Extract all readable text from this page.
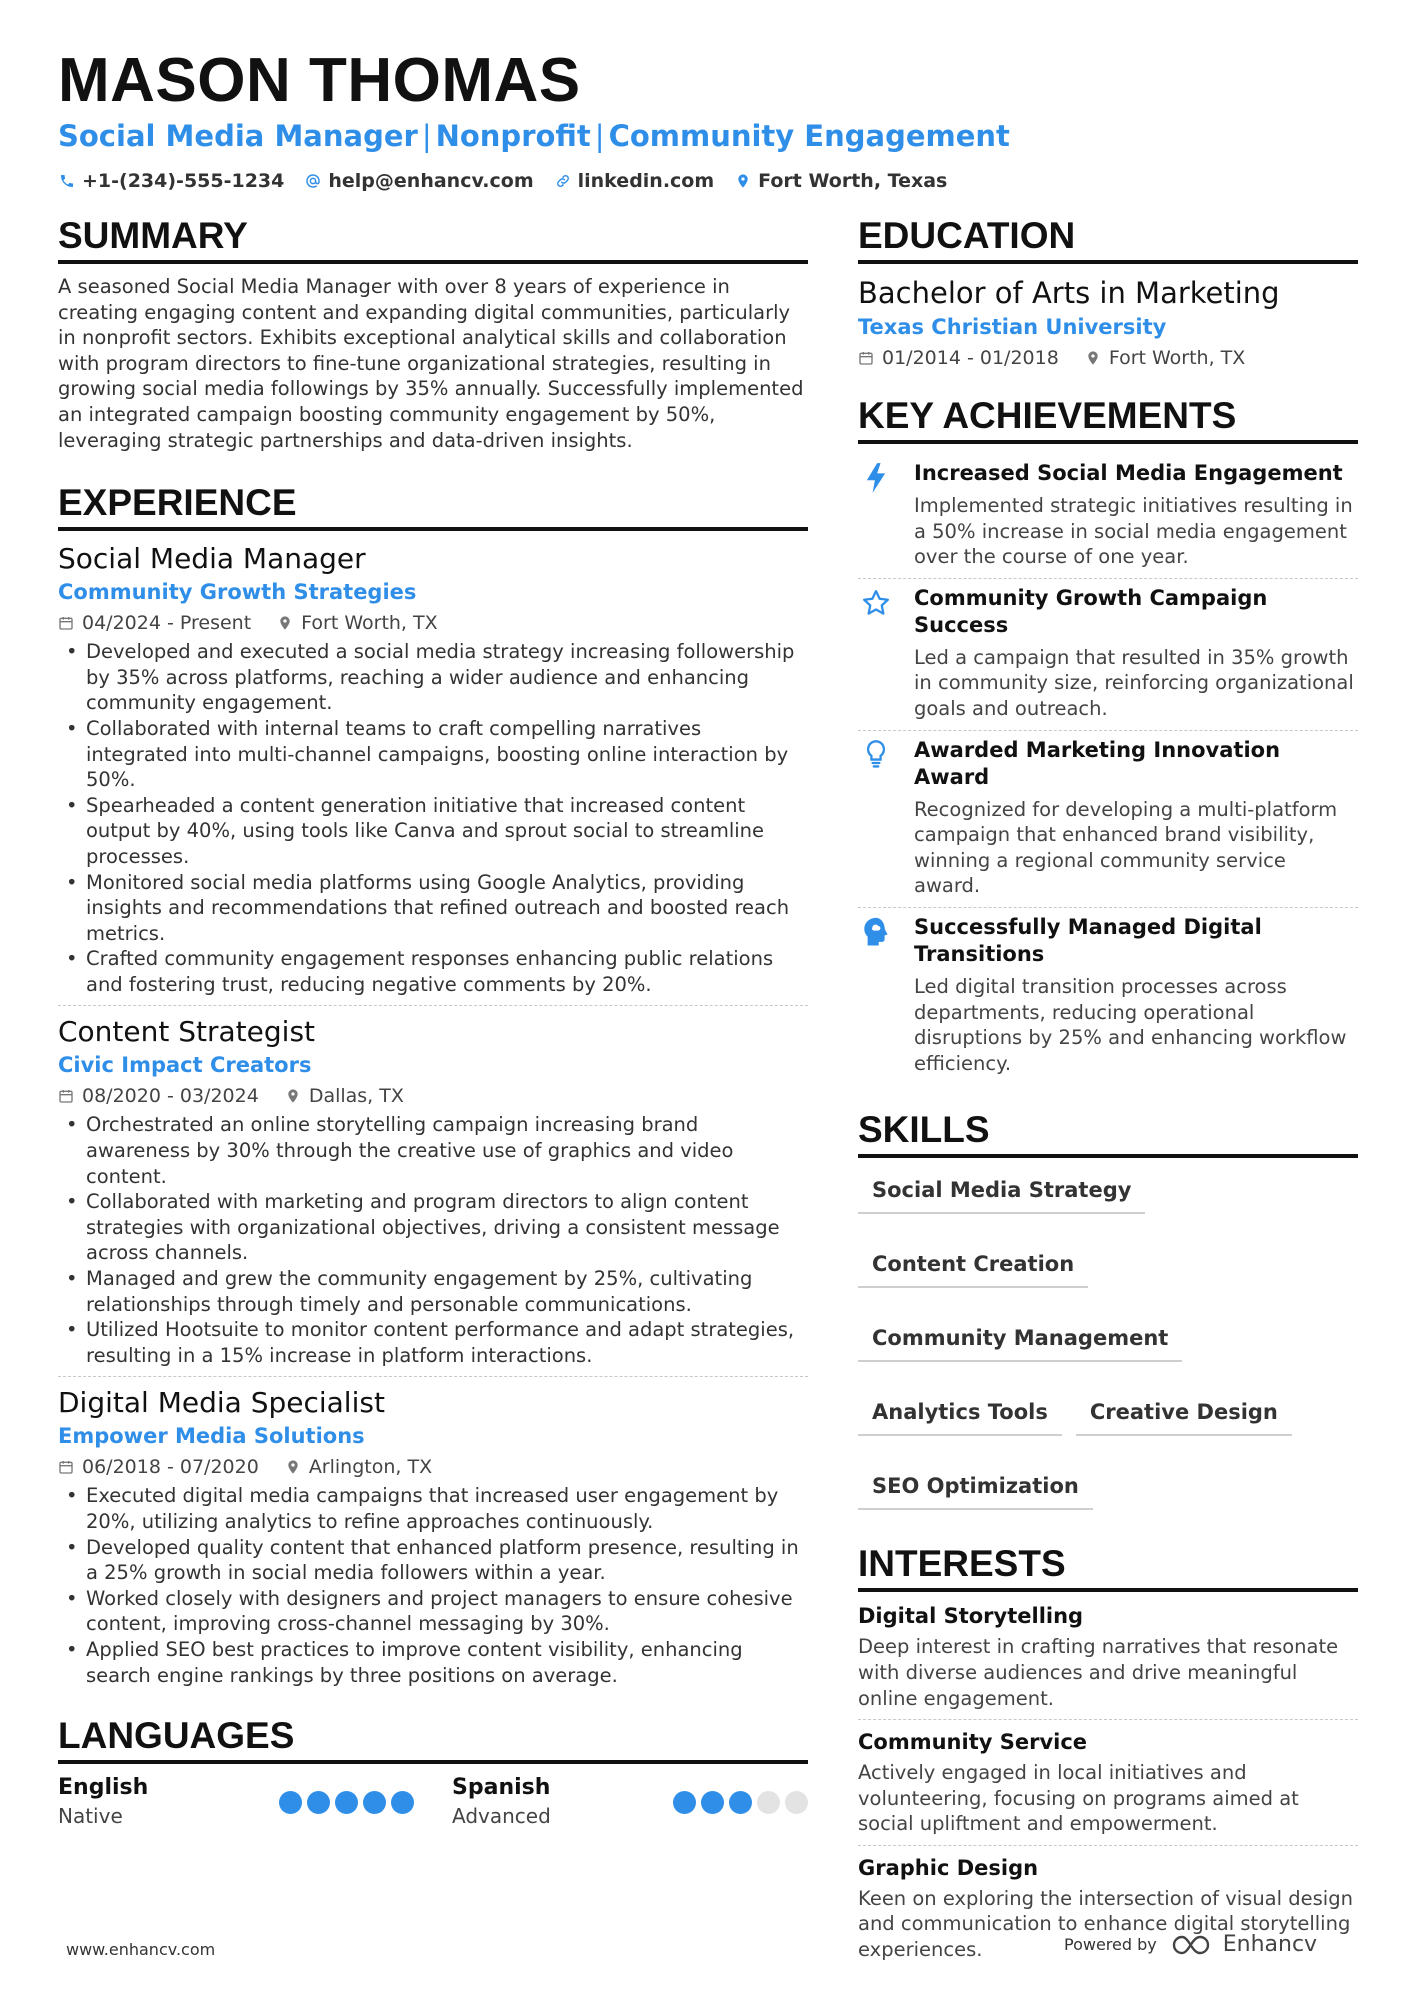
MASON THOMAS
Social Media Manager | Nonprofit | Community Engagement
+1-(234)-555-1234 help@enhancv.com linkedin.com Fort Worth, Texas
SUMMARY
A seasoned Social Media Manager with over 8 years of experience in creating engaging content and expanding digital communities, particularly in nonprofit sectors. Exhibits exceptional analytical skills and collaboration with program directors to fine-tune organizational strategies, resulting in growing social media followings by 35% annually. Successfully implemented an integrated campaign boosting community engagement by 50%, leveraging strategic partnerships and data-driven insights.
EXPERIENCE
Social Media Manager
Community Growth Strategies
04/2024 - Present	Fort Worth, TX
• Developed and executed a social media strategy increasing followership by 35% across platforms, reaching a wider audience and enhancing community engagement.
• Collaborated with internal teams to craft compelling narratives integrated into multi-channel campaigns, boosting online interaction by 50%.
• Spearheaded a content generation initiative that increased content output by 40%, using tools like Canva and sprout social to streamline processes.
• Monitored social media platforms using Google Analytics, providing insights and recommendations that refined outreach and boosted reach metrics.
• Crafted community engagement responses enhancing public relations and fostering trust, reducing negative comments by 20%.
Content Strategist
Civic Impact Creators
08/2020 - 03/2024	Dallas, TX
• Orchestrated an online storytelling campaign increasing brand awareness by 30% through the creative use of graphics and video content.
• Collaborated with marketing and program directors to align content strategies with organizational objectives, driving a consistent message across channels.
• Managed and grew the community engagement by 25%, cultivating relationships through timely and personable communications.
• Utilized Hootsuite to monitor content performance and adapt strategies, resulting in a 15% increase in platform interactions.
Digital Media Specialist
Empower Media Solutions
06/2018 - 07/2020	Arlington, TX
• Executed digital media campaigns that increased user engagement by 20%, utilizing analytics to refine approaches continuously.
• Developed quality content that enhanced platform presence, resulting in a 25% growth in social media followers within a year.
• Worked closely with designers and project managers to ensure cohesive content, improving cross-channel messaging by 30%.
• Applied SEO best practices to improve content visibility, enhancing search engine rankings by three positions on average.
LANGUAGES
English
Native
Spanish
Advanced
EDUCATION
Bachelor of Arts in Marketing
Texas Christian University
01/2014 - 01/2018	Fort Worth, TX
KEY ACHIEVEMENTS
Increased Social Media Engagement
Implemented strategic initiatives resulting in a 50% increase in social media engagement over the course of one year.
Community Growth Campaign Success
Led a campaign that resulted in 35% growth in community size, reinforcing organizational goals and outreach.
Awarded Marketing Innovation Award
Recognized for developing a multi-platform campaign that enhanced brand visibility, winning a regional community service award.
Successfully Managed Digital Transitions
Led digital transition processes across departments, reducing operational disruptions by 25% and enhancing workflow efficiency.
SKILLS
Social Media Strategy
Content Creation
Community Management
Analytics Tools	Creative Design
SEO Optimization
INTERESTS
Digital Storytelling
Deep interest in crafting narratives that resonate with diverse audiences and drive meaningful online engagement.
Community Service
Actively engaged in local initiatives and volunteering, focusing on programs aimed at social upliftment and empowerment.
Graphic Design
Keen on exploring the intersection of visual design and communication to enhance digital storytelling experiences.
www.enhancv.com	Powered by	Enhancv
